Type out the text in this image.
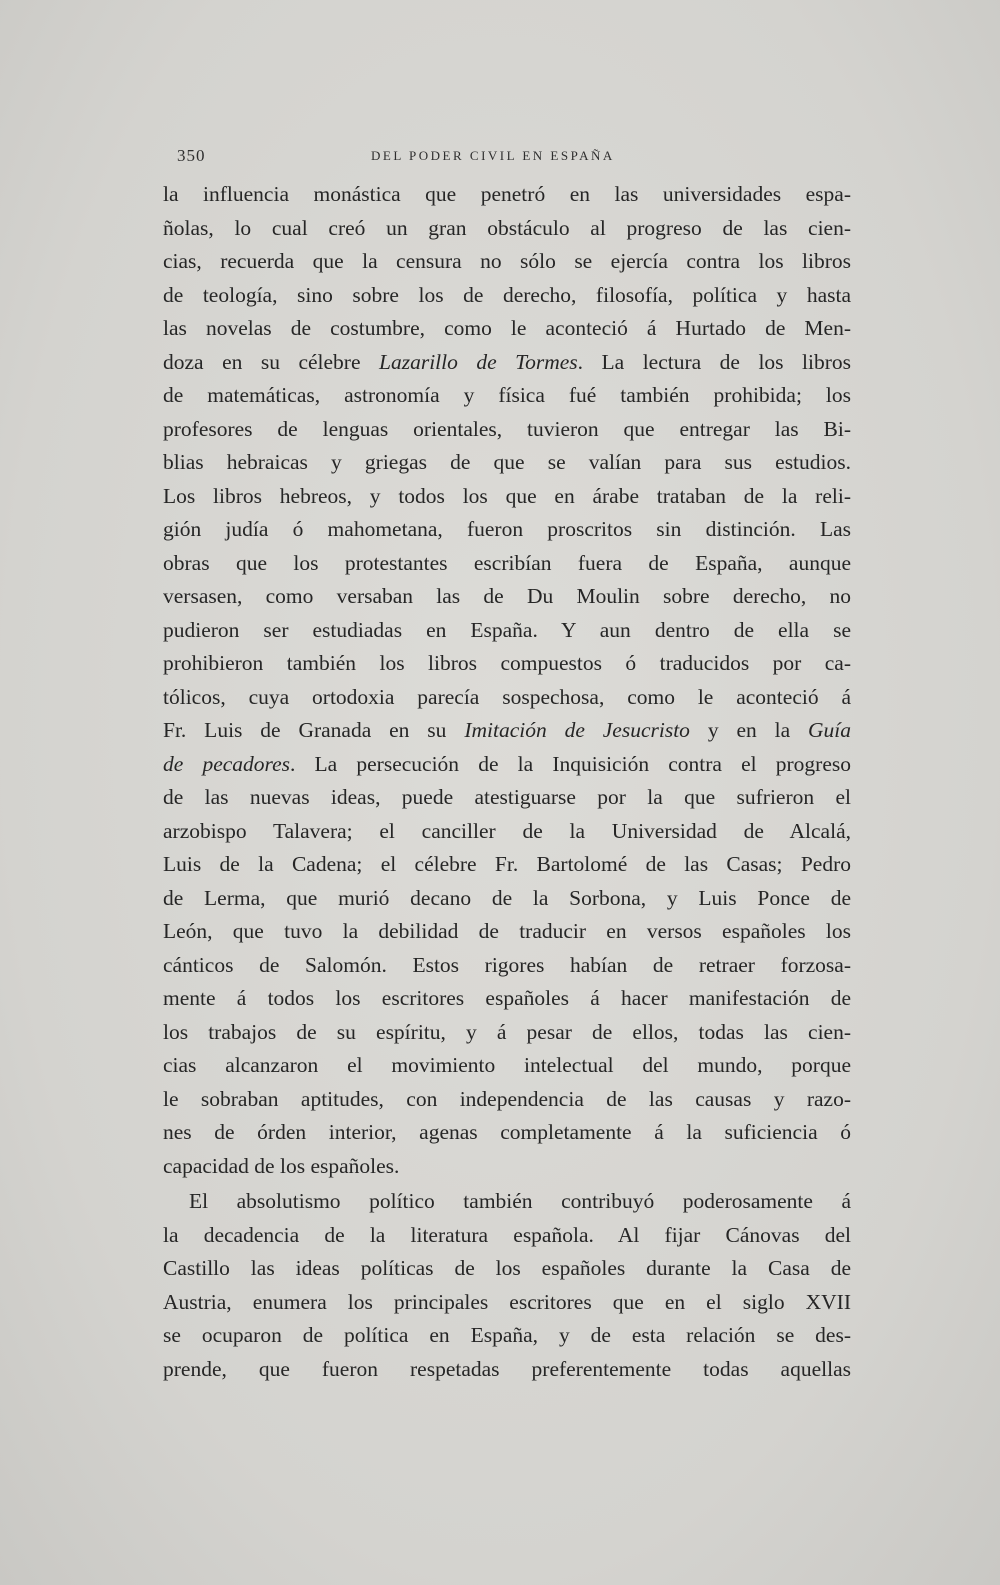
350	DEL PODER CIVIL EN ESPAÑA
la influencia monástica que penetró en las universidades espa-
ñolas, lo cual creó un gran obstáculo al progreso de las cien-
cias, recuerda que la censura no sólo se ejercía contra los libros
de teología, sino sobre los de derecho, filosofía, política y hasta
las novelas de costumbre, como le aconteció á Hurtado de Men-
doza en su célebre Lazarillo de Tormes. La lectura de los libros
de matemáticas, astronomía y física fué también prohibida; los
profesores de lenguas orientales, tuvieron que entregar las Bi-
blias hebraicas y griegas de que se valían para sus estudios.
Los libros hebreos, y todos los que en árabe trataban de la reli-
gión judía ó mahometana, fueron proscritos sin distinción. Las
obras que los protestantes escribían fuera de España, aunque
versasen, como versaban las de Du Moulin sobre derecho, no
pudieron ser estudiadas en España. Y aun dentro de ella se
prohibieron también los libros compuestos ó traducidos por ca-
tólicos, cuya ortodoxia parecía sospechosa, como le aconteció á
Fr. Luis de Granada en su Imitación de Jesucristo y en la Guía
de pecadores. La persecución de la Inquisición contra el progreso
de las nuevas ideas, puede atestiguarse por la que sufrieron el
arzobispo Talavera; el canciller de la Universidad de Alcalá,
Luis de la Cadena; el célebre Fr. Bartolomé de las Casas; Pedro
de Lerma, que murió decano de la Sorbona, y Luis Ponce de
León, que tuvo la debilidad de traducir en versos españoles los
cánticos de Salomón. Estos rigores habían de retraer forzosa-
mente á todos los escritores españoles á hacer manifestación de
los trabajos de su espíritu, y á pesar de ellos, todas las cien-
cias alcanzaron el movimiento intelectual del mundo, porque
le sobraban aptitudes, con independencia de las causas y razo-
nes de órden interior, agenas completamente á la suficiencia ó
capacidad de los españoles.
El absolutismo político también contribuyó poderosamente á
la decadencia de la literatura española. Al fijar Cánovas del
Castillo las ideas políticas de los españoles durante la Casa de
Austria, enumera los principales escritores que en el siglo XVII
se ocuparon de política en España, y de esta relación se des-
prende, que fueron respetadas preferentemente todas aquellas
